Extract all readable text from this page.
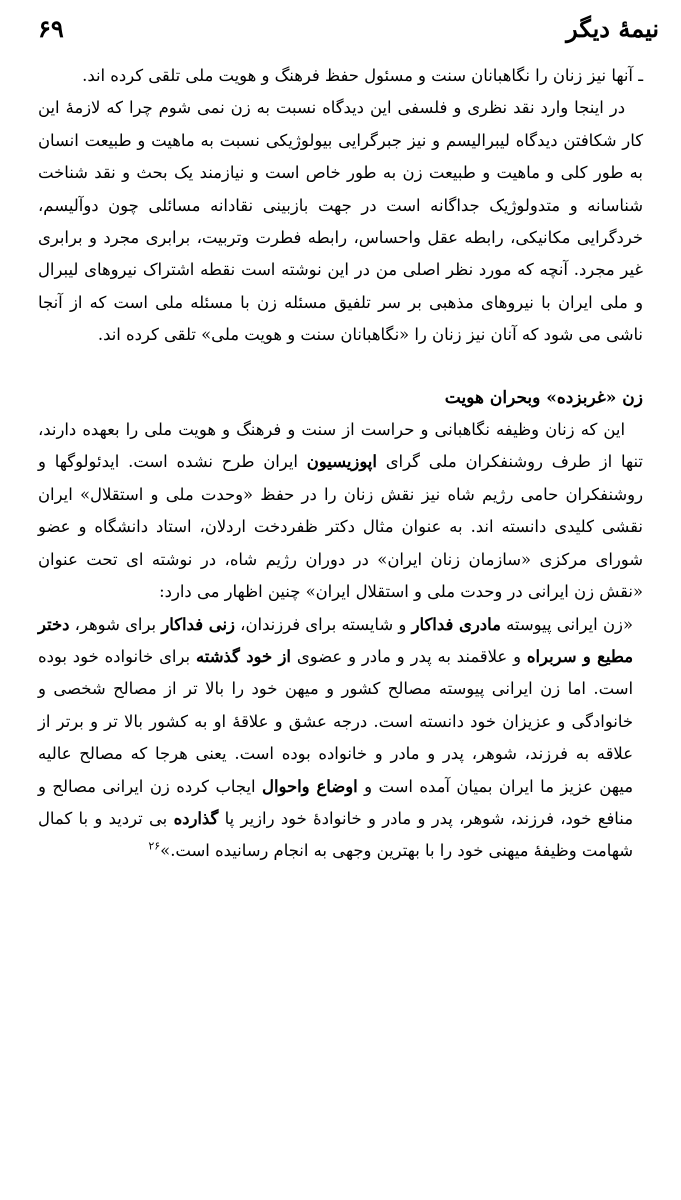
۶۹	نیمهٔ دیگر

ـ آنها نیز زنان را نگاهبانان سنت و مسئول حفظ فرهنگ و هویت ملی تلقی کرده اند.

در اینجا وارد نقد نظری و فلسفی این دیدگاه نسبت به زن نمی شوم چرا که لازمهٔ این کار شکافتن دیدگاه لیبرالیسم و نیز جبرگرایی بیولوژیکی نسبت به ماهیت و طبیعت انسان به طور کلی و ماهیت و طبیعت زن به طور خاص است و نیازمند یک بحث و نقد شناخت شناسانه و متدولوژیک جداگانه است در جهت بازبینی نقادانه مسائلی چون دوآلیسم، خردگرایی مکانیکی، رابطه عقل واحساس، رابطه فطرت وتربیت، برابری مجرد و برابری غیر مجرد. آنچه که مورد نظر اصلی من در این نوشته است نقطه اشتراک نیروهای لیبرال و ملی ایران با نیروهای مذهبی بر سر تلفیق مسئله زن با مسئله ملی است که از آنجا ناشی می شود که آنان نیز زنان را «نگاهبانان سنت و هویت ملی» تلقی کرده اند.

زن «غربزده» وبحران هویت

این که زنان وظیفه نگاهبانی و حراست از سنت و فرهنگ و هویت ملی را بعهده دارند، تنها از طرف روشنفکران ملی گرای اپوزیسیون ایران طرح نشده است. ایدئولوگها و روشنفکران حامی رژیم شاه نیز نقش زنان را در حفظ «وحدت ملی و استقلال» ایران نقشی کلیدی دانسته اند. به عنوان مثال دکتر ظفردخت اردلان، استاد دانشگاه و عضو شورای مرکزی «سازمان زنان ایران» در دوران رژیم شاه، در نوشته ای تحت عنوان «نقش زن ایرانی در وحدت ملی و استقلال ایران» چنین اظهار می دارد:

«زن ایرانی پیوسته مادری فداکار و شایسته برای فرزندان، زنی فداکار برای شوهر، دختر مطیع و سربراه و علاقمند به پدر و مادر و عضوی از خود گذشته برای خانواده خود بوده است. اما زن ایرانی پیوسته مصالح کشور و میهن خود را بالا تر از مصالح شخصی و خانوادگی و عزیزان خود دانسته است. درجه عشق و علاقهٔ او به کشور بالا تر و برتر از علاقه به فرزند، شوهر، پدر و مادر و خانواده بوده است. یعنی هرجا که مصالح عالیه میهن عزیز ما ایران بمیان آمده است و اوضاع واحوال ایجاب کرده زن ایرانی مصالح و منافع خود، فرزند، شوهر، پدر و مادر و خانوادهٔ خود رازیر پا گذارده بی تردید و با کمال شهامت وظیفهٔ میهنی خود را با بهترین وجهی به انجام رسانیده است.»$^{۲۶}$
